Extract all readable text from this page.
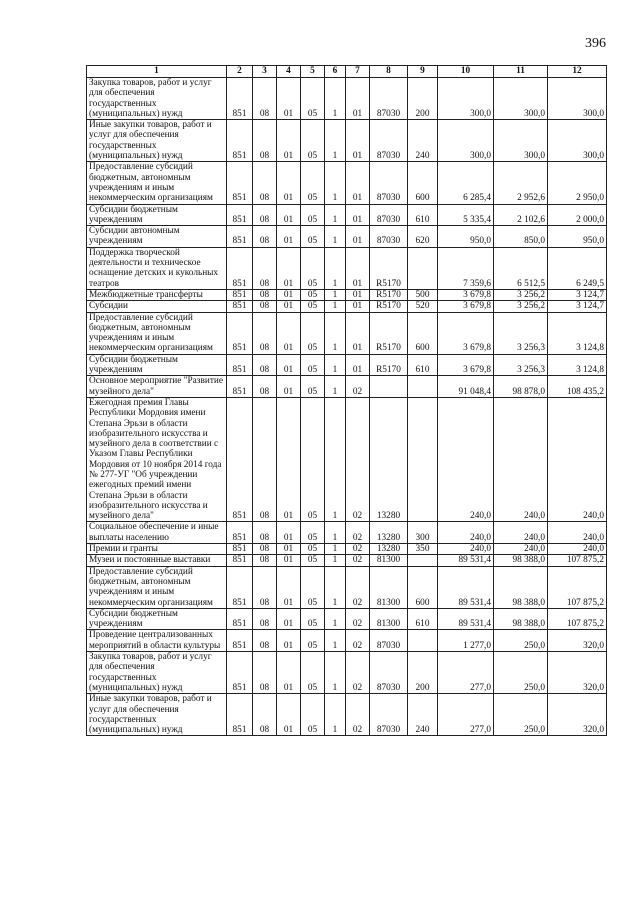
396
1	2	3	4	5	6	7	8	9	10	11	12
Закупка товаров, работ и услуг для обеспечения государственных (муниципальных) нужд	851	08	01	05	1	01	87030	200	300,0	300,0	300,0
Иные закупки товаров, работ и услуг для обеспечения государственных (муниципальных) нужд	851	08	01	05	1	01	87030	240	300,0	300,0	300,0
Предоставление субсидий бюджетным, автономным учреждениям и иным некоммерческим организациям	851	08	01	05	1	01	87030	600	6 285,4	2 952,6	2 950,0
Субсидии бюджетным учреждениям	851	08	01	05	1	01	87030	610	5 335,4	2 102,6	2 000,0
Субсидии автономным учреждениям	851	08	01	05	1	01	87030	620	950,0	850,0	950,0
Поддержка творческой деятельности и техническое оснащение детских и кукольных театров	851	08	01	05	1	01	R5170		7 359,6	6 512,5	6 249,5
Межбюджетные трансферты	851	08	01	05	1	01	R5170	500	3 679,8	3 256,2	3 124,7
Субсидии	851	08	01	05	1	01	R5170	520	3 679,8	3 256,2	3 124,7
Предоставление субсидий бюджетным, автономным учреждениям и иным некоммерческим организациям	851	08	01	05	1	01	R5170	600	3 679,8	3 256,3	3 124,8
Субсидии бюджетным учреждениям	851	08	01	05	1	01	R5170	610	3 679,8	3 256,3	3 124,8
Основное мероприятие "Развитие музейного дела"	851	08	01	05	1	02			91 048,4	98 878,0	108 435,2
Ежегодная премия Главы Республики Мордовия имени Степана Эрьзи в области изобразительного искусства и музейного дела в соответствии с Указом Главы Республики Мордовия от 10 ноября 2014 года № 277-УГ "Об учреждении ежегодных премий имени Степана Эрьзи в области изобразительного искусства и музейного дела"	851	08	01	05	1	02	13280		240,0	240,0	240,0
Социальное обеспечение и иные выплаты населению	851	08	01	05	1	02	13280	300	240,0	240,0	240,0
Премии и гранты	851	08	01	05	1	02	13280	350	240,0	240,0	240,0
Музеи и постоянные выставки	851	08	01	05	1	02	81300		89 531,4	98 388,0	107 875,2
Предоставление субсидий бюджетным, автономным учреждениям и иным некоммерческим организациям	851	08	01	05	1	02	81300	600	89 531,4	98 388,0	107 875,2
Субсидии бюджетным учреждениям	851	08	01	05	1	02	81300	610	89 531,4	98 388,0	107 875,2
Проведение централизованных мероприятий в области культуры	851	08	01	05	1	02	87030		1 277,0	250,0	320,0
Закупка товаров, работ и услуг для обеспечения государственных (муниципальных) нужд	851	08	01	05	1	02	87030	200	277,0	250,0	320,0
Иные закупки товаров, работ и услуг для обеспечения государственных (муниципальных) нужд	851	08	01	05	1	02	87030	240	277,0	250,0	320,0
